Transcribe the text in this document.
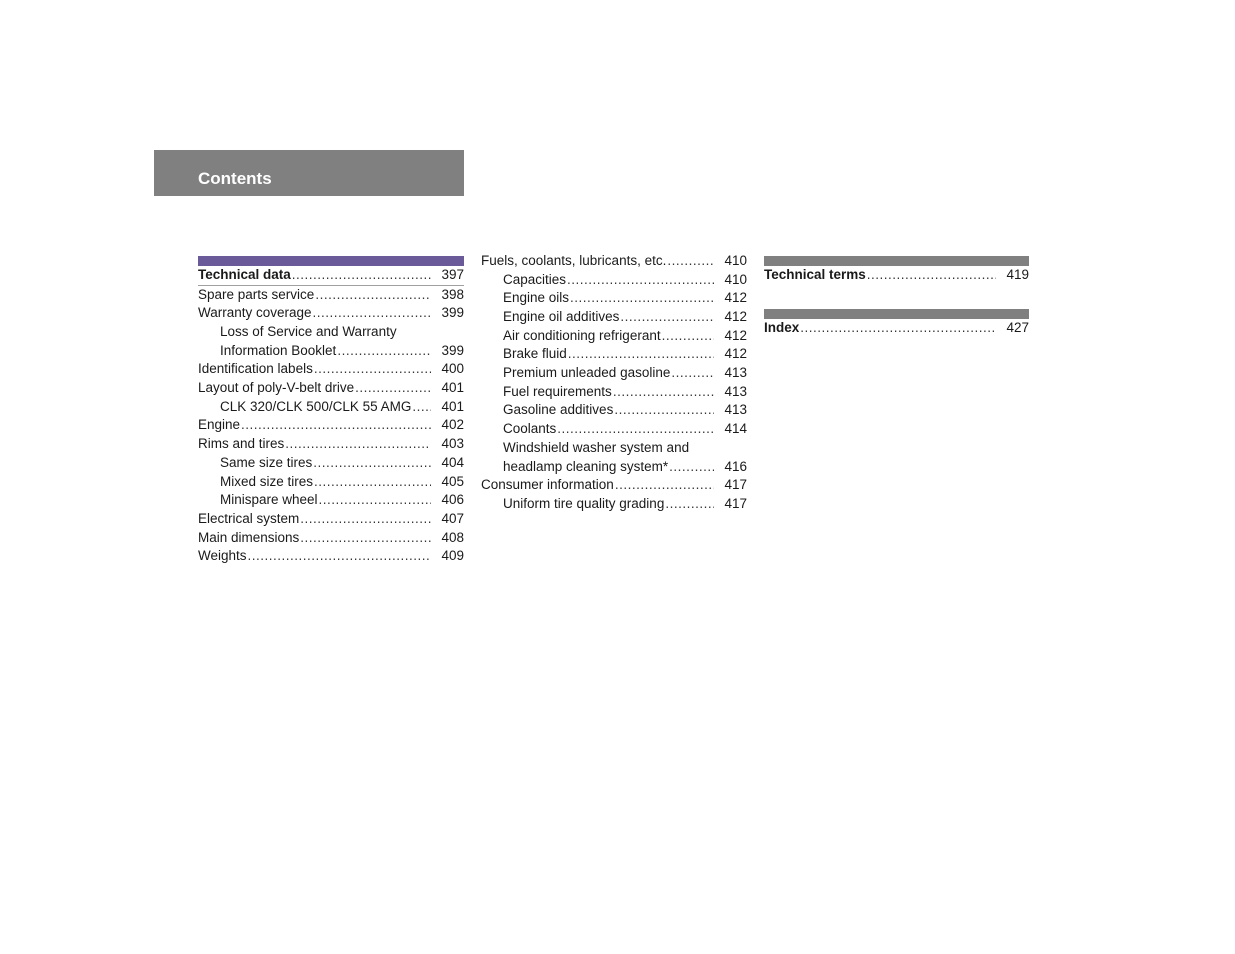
Contents
Technical data .....	397
Spare parts service .....	398
Warranty coverage .....	399
Loss of Service and Warranty
Information Booklet .....	399
Identification labels .....	400
Layout of poly-V-belt drive .....	401
CLK 320/CLK 500/CLK 55 AMG .....	401
Engine .....	402
Rims and tires .....	403
Same size tires .....	404
Mixed size tires .....	405
Minispare wheel .....	406
Electrical system .....	407
Main dimensions .....	408
Weights .....	409
Fuels, coolants, lubricants, etc. .....	410
Capacities .....	410
Engine oils .....	412
Engine oil additives .....	412
Air conditioning refrigerant .....	412
Brake fluid .....	412
Premium unleaded gasoline .....	413
Fuel requirements .....	413
Gasoline additives .....	413
Coolants .....	414
Windshield washer system and
headlamp cleaning system* .....	416
Consumer information .....	417
Uniform tire quality grading .....	417
Technical terms .....	419
Index .....	427
